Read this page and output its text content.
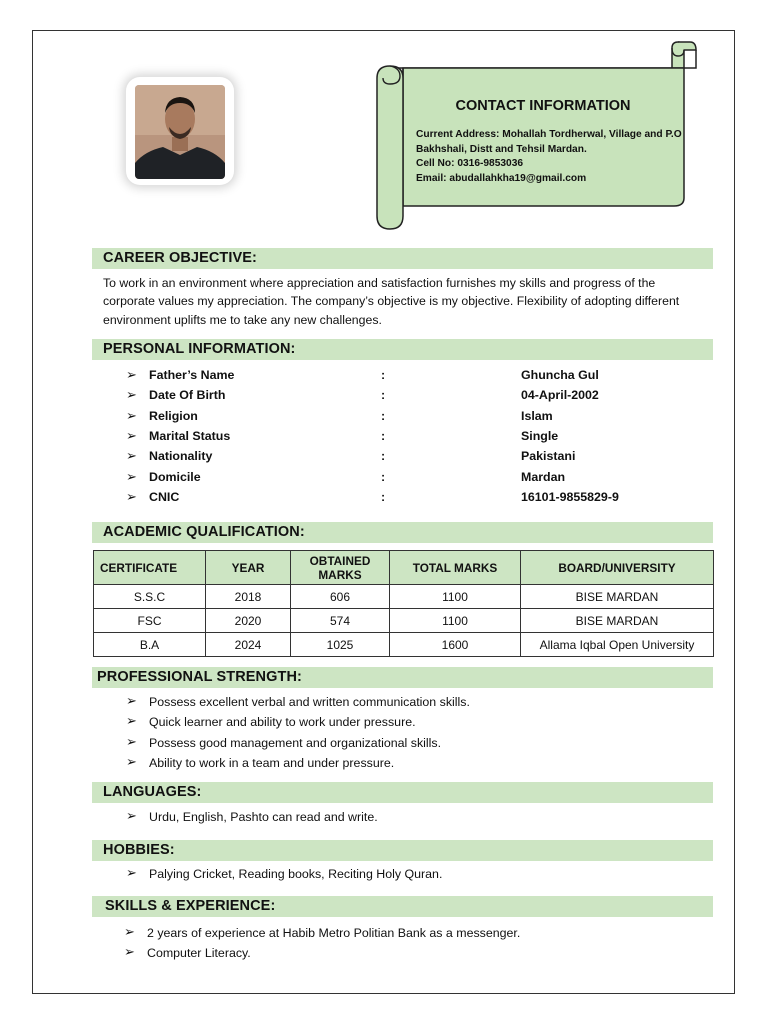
CONTACT INFORMATION
Current Address: Mohallah Tordherwal, Village and P.O
Bakhshali, Distt and Tehsil Mardan.
Cell No: 0316-9853036
Email: abudallahkha19@gmail.com
CAREER OBJECTIVE:
To work in an environment where appreciation and satisfaction furnishes my skills and progress of the corporate values my appreciation. The company’s objective is my objective. Flexibility of adopting different environment uplifts me to take any new challenges.
PERSONAL INFORMATION:
➢ Father’s Name	:	Ghuncha Gul
➢ Date Of Birth	:	04-April-2002
➢ Religion	:	Islam
➢ Marital Status	:	Single
➢ Nationality	:	Pakistani
➢ Domicile	:	Mardan
➢ CNIC	:	16101-9855829-9
ACADEMIC QUALIFICATION:
CERTIFICATE	YEAR	OBTAINED MARKS	TOTAL MARKS	BOARD/UNIVERSITY
S.S.C	2018	606	1100	BISE MARDAN
FSC	2020	574	1100	BISE MARDAN
B.A	2024	1025	1600	Allama Iqbal Open University
PROFESSIONAL STRENGTH:
➢ Possess excellent verbal and written communication skills.
➢ Quick learner and ability to work under pressure.
➢ Possess good management and organizational skills.
➢ Ability to work in a team and under pressure.
LANGUAGES:
➢ Urdu, English, Pashto can read and write.
HOBBIES:
➢ Palying Cricket, Reading books, Reciting Holy Quran.
SKILLS & EXPERIENCE:
➢ 2 years of experience at Habib Metro Politian Bank as a messenger.
➢ Computer Literacy.
